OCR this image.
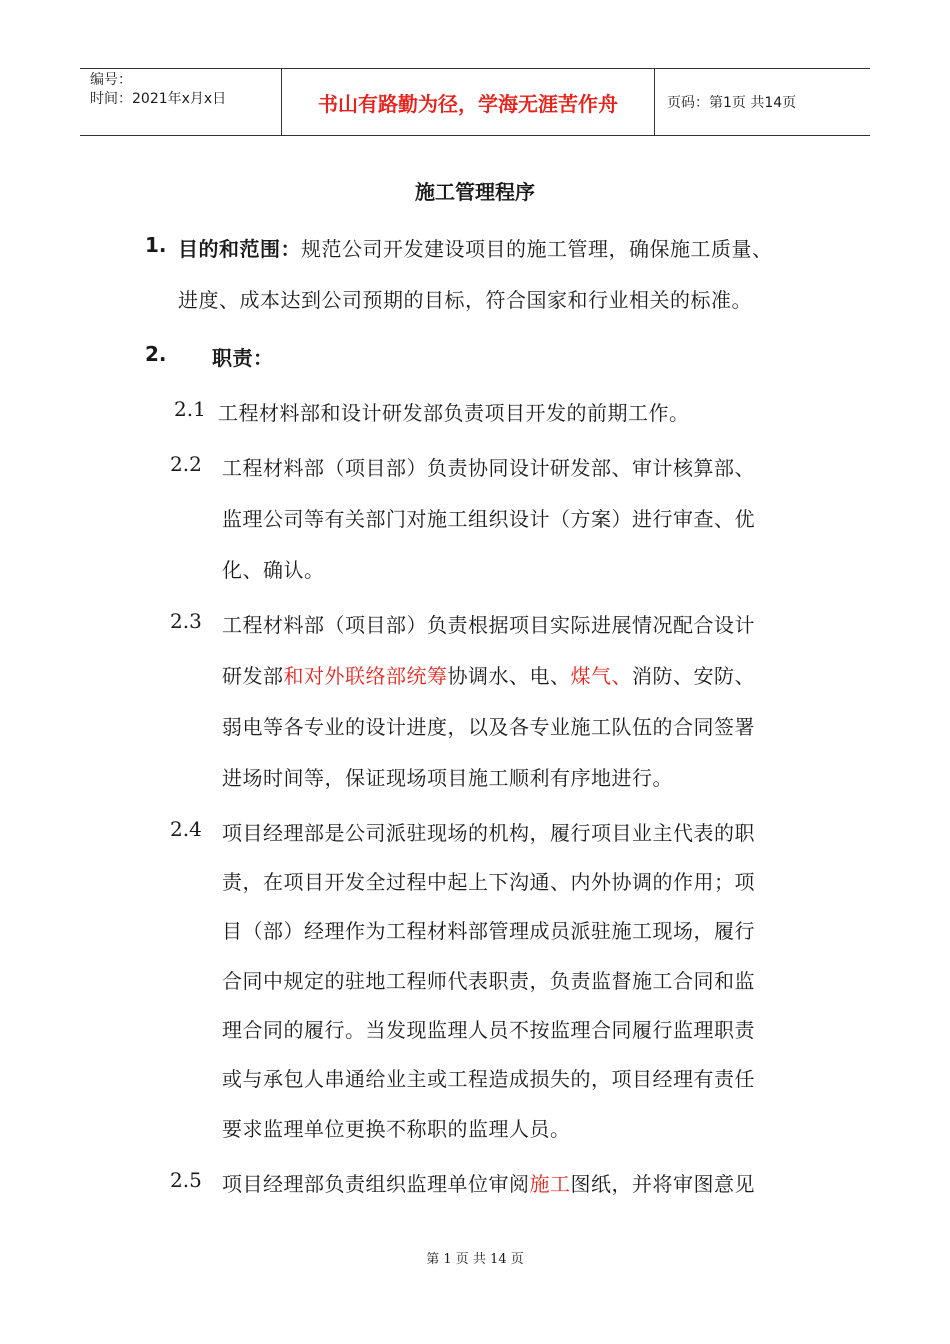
编号：
时间：2021年x月x日	书山有路勤为径，学海无涯苦作舟	页码：第1页 共14页
施工管理程序
1. 目的和范围：规范公司开发建设项目的施工管理，确保施工质量、
进度、成本达到公司预期的目标，符合国家和行业相关的标准。
2. 职责：
2.1 工程材料部和设计研发部负责项目开发的前期工作。
2.2 工程材料部（项目部）负责协同设计研发部、审计核算部、
监理公司等有关部门对施工组织设计（方案）进行审查、优
化、确认。
2.3 工程材料部（项目部）负责根据项目实际进展情况配合设计
研发部和对外联络部统筹协调水、电、煤气、消防、安防、
弱电等各专业的设计进度，以及各专业施工队伍的合同签署
进场时间等，保证现场项目施工顺利有序地进行。
2.4 项目经理部是公司派驻现场的机构，履行项目业主代表的职
责，在项目开发全过程中起上下沟通、内外协调的作用；项
目（部）经理作为工程材料部管理成员派驻施工现场，履行
合同中规定的驻地工程师代表职责，负责监督施工合同和监
理合同的履行。当发现监理人员不按监理合同履行监理职责
或与承包人串通给业主或工程造成损失的，项目经理有责任
要求监理单位更换不称职的监理人员。
2.5 项目经理部负责组织监理单位审阅施工图纸，并将审图意见
第 1 页 共 14 页
